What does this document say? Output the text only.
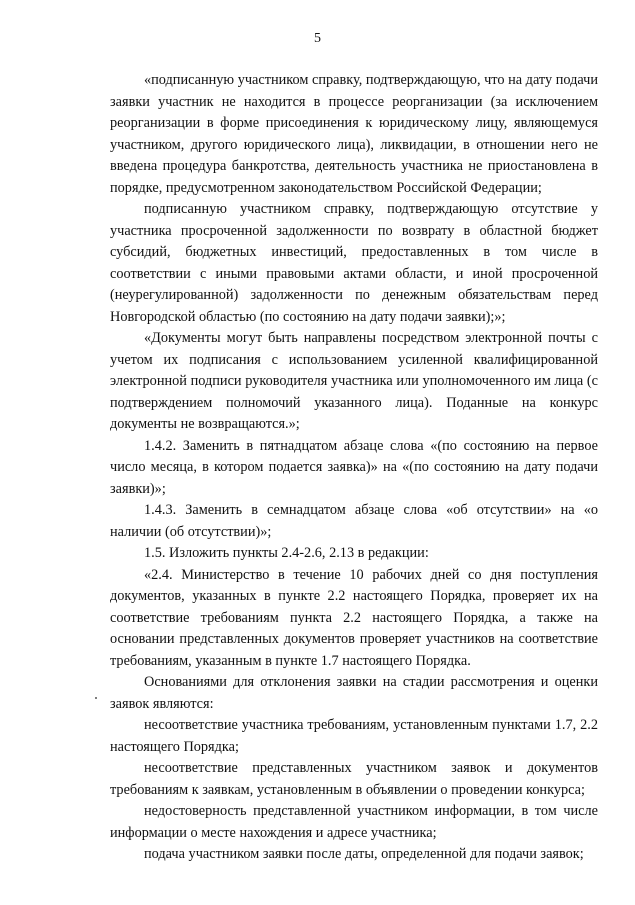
5

«подписанную участником справку, подтверждающую, что на дату подачи заявки участник не находится в процессе реорганизации (за исключением реорганизации в форме присоединения к юридическому лицу, являющемуся участником, другого юридического лица), ликвидации, в отношении него не введена процедура банкротства, деятельность участника не приостановлена в порядке, предусмотренном законодательством Российской Федерации;

подписанную участником справку, подтверждающую отсутствие у участника просроченной задолженности по возврату в областной бюджет субсидий, бюджетных инвестиций, предоставленных в том числе в соответствии с иными правовыми актами области, и иной просроченной (неурегулированной) задолженности по денежным обязательствам перед Новгородской областью (по состоянию на дату подачи заявки);»;

«Документы могут быть направлены посредством электронной почты с учетом их подписания с использованием усиленной квалифицированной электронной подписи руководителя участника или уполномоченного им лица (с подтверждением полномочий указанного лица). Поданные на конкурс документы не возвращаются.»;

1.4.2. Заменить в пятнадцатом абзаце слова «(по состоянию на первое число месяца, в котором подается заявка)» на «(по состоянию на дату подачи заявки)»;

1.4.3. Заменить в семнадцатом абзаце слова «об отсутствии» на «о наличии (об отсутствии)»;

1.5. Изложить пункты 2.4-2.6, 2.13 в редакции:

«2.4. Министерство в течение 10 рабочих дней со дня поступления документов, указанных в пункте 2.2 настоящего Порядка, проверяет их на соответствие требованиям пункта 2.2 настоящего Порядка, а также на основании представленных документов проверяет участников на соответствие требованиям, указанным в пункте 1.7 настоящего Порядка.

Основаниями для отклонения заявки на стадии рассмотрения и оценки заявок являются:

несоответствие участника требованиям, установленным пунктами 1.7, 2.2 настоящего Порядка;

несоответствие представленных участником заявок и документов требованиям к заявкам, установленным в объявлении о проведении конкурса;

недостоверность представленной участником информации, в том числе информации о месте нахождения и адресе участника;

подача участником заявки после даты, определенной для подачи заявок;
